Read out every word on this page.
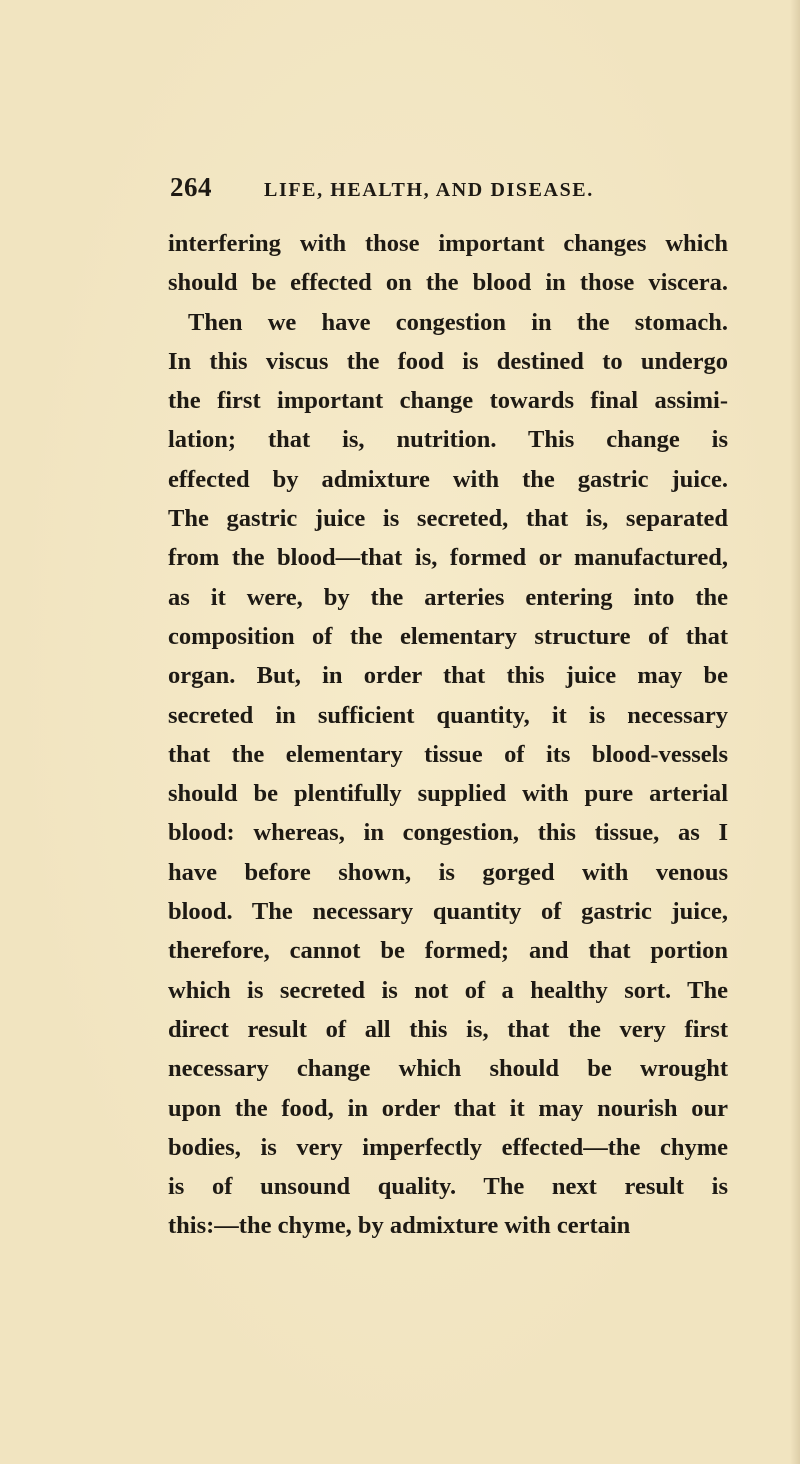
264	LIFE, HEALTH, AND DISEASE.
interfering with those important changes which
should be effected on the blood in those viscera.
Then we have congestion in the stomach.
In this viscus the food is destined to undergo
the first important change towards final assimi-
lation; that is, nutrition. This change is
effected by admixture with the gastric juice.
The gastric juice is secreted, that is, separated
from the blood—that is, formed or manufactured,
as it were, by the arteries entering into the
composition of the elementary structure of that
organ. But, in order that this juice may be
secreted in sufficient quantity, it is necessary
that the elementary tissue of its blood-vessels
should be plentifully supplied with pure arterial
blood: whereas, in congestion, this tissue, as I
have before shown, is gorged with venous
blood. The necessary quantity of gastric juice,
therefore, cannot be formed; and that portion
which is secreted is not of a healthy sort. The
direct result of all this is, that the very first
necessary change which should be wrought
upon the food, in order that it may nourish our
bodies, is very imperfectly effected—the chyme
is of unsound quality. The next result is
this:—the chyme, by admixture with certain
